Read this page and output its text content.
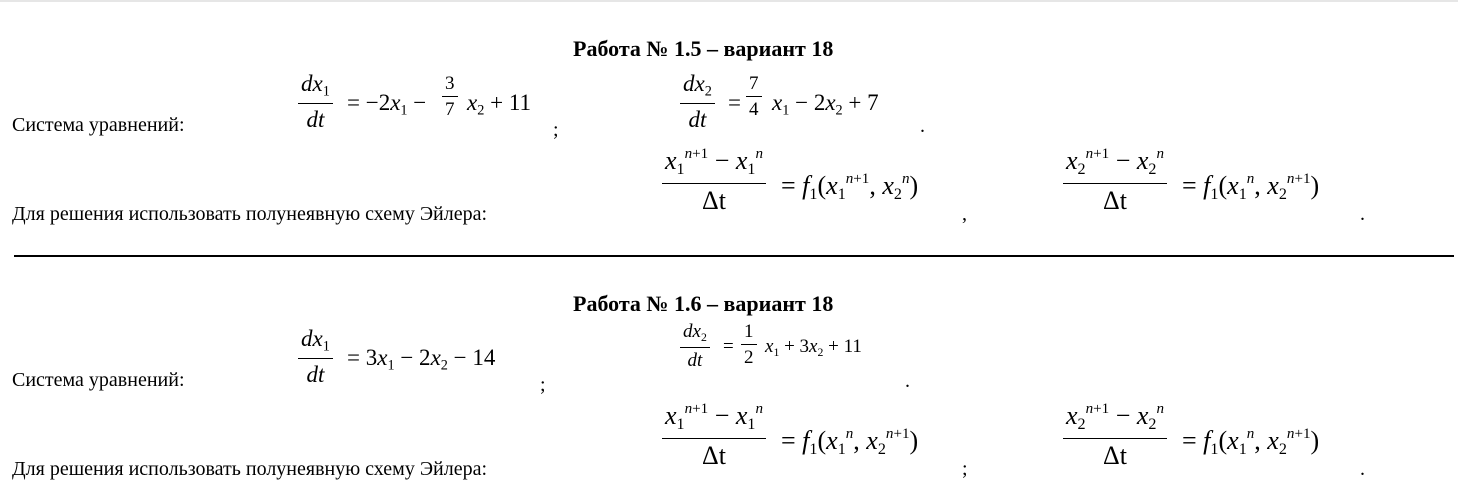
Работа № 1.5 – вариант 18
Система уравнений:
$dx_1$
dt
= $-2x_1$ −
3
7 $x_2 + 11$
;
$dx_2$
dt
=
7
4 $x_1 - 2x_2 + 7$
.
Для решения использовать полунеявную схему Эйлера:
$x_1^{n+1} - x_1^n$
Δt
= $f_1(x_1^{n+1}$, $x_2^n$)
,
$x_2^{n+1} - x_2^n$
Δt
= $f_1(x_1^n$, $x_2^{n+1}$)
.
Работа № 1.6 – вариант 18
Система уравнений:
$dx_1$
dt
= $3x_1 - 2x_2 - 14$
;
$dx_2$
dt
=
1
2
$x_1 + 3x_2 + 11$
.
Для решения использовать полунеявную схему Эйлера:
$x_1^{n+1} - x_1^n$
Δt
= $f_1(x_1^n$, $x_2^{n+1}$)
;
$x_2^{n+1} - x_2^n$
Δt
= $f_1(x_1^n$, $x_2^{n+1}$)
.
